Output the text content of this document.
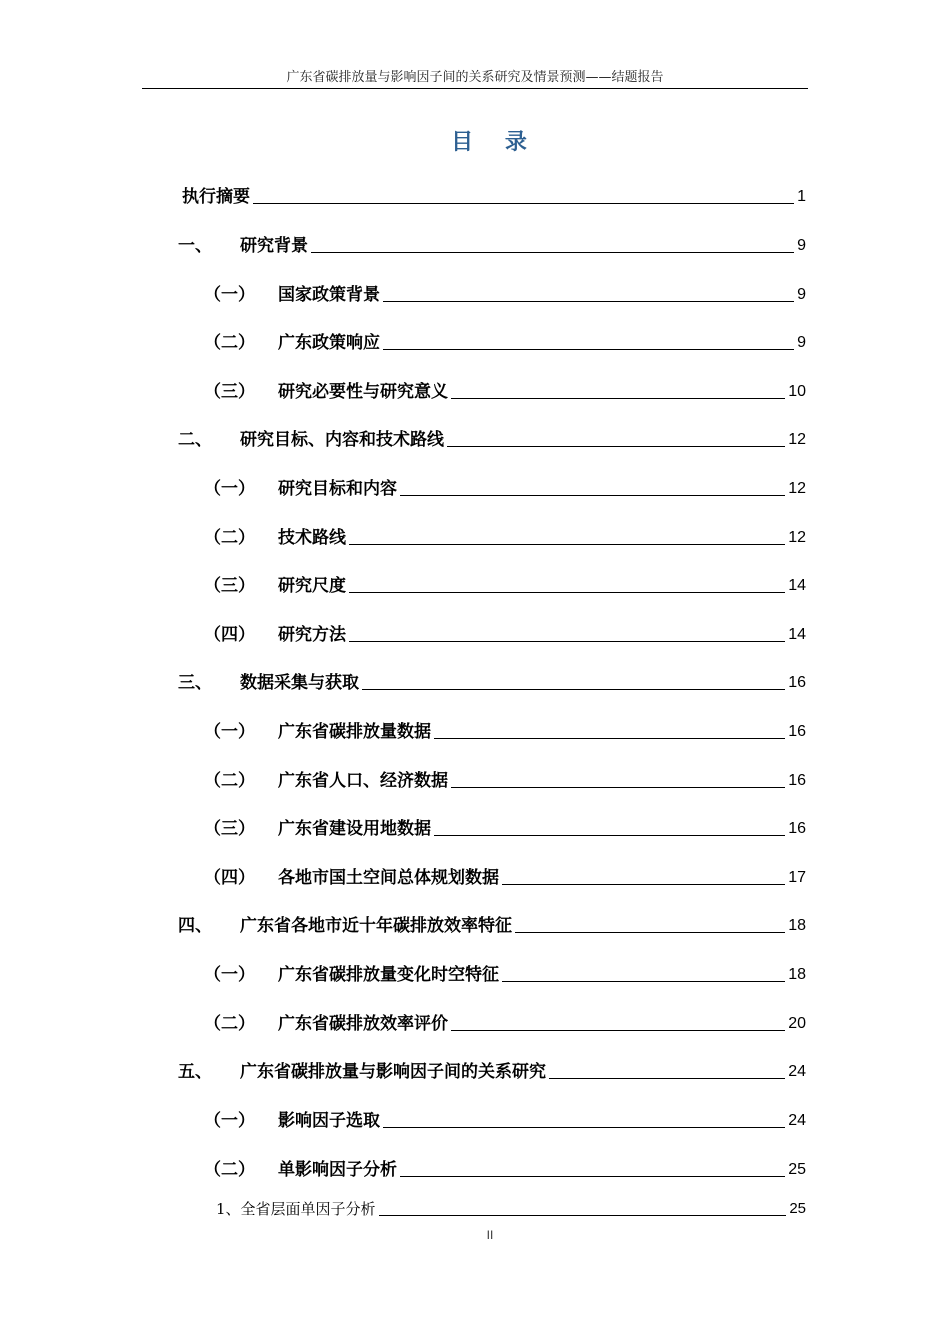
广东省碳排放量与影响因子间的关系研究及情景预测——结题报告
目 录
执行摘要	1
一、	研究背景	9
（一）	国家政策背景	9
（二）	广东政策响应	9
（三）	研究必要性与研究意义	10
二、	研究目标、内容和技术路线	12
（一）	研究目标和内容	12
（二）	技术路线	12
（三）	研究尺度	14
（四）	研究方法	14
三、	数据采集与获取	16
（一）	广东省碳排放量数据	16
（二）	广东省人口、经济数据	16
（三）	广东省建设用地数据	16
（四）	各地市国土空间总体规划数据	17
四、	广东省各地市近十年碳排放效率特征	18
（一）	广东省碳排放量变化时空特征	18
（二）	广东省碳排放效率评价	20
五、	广东省碳排放量与影响因子间的关系研究	24
（一）	影响因子选取	24
（二）	单影响因子分析	25
1、全省层面单因子分析	25
II
